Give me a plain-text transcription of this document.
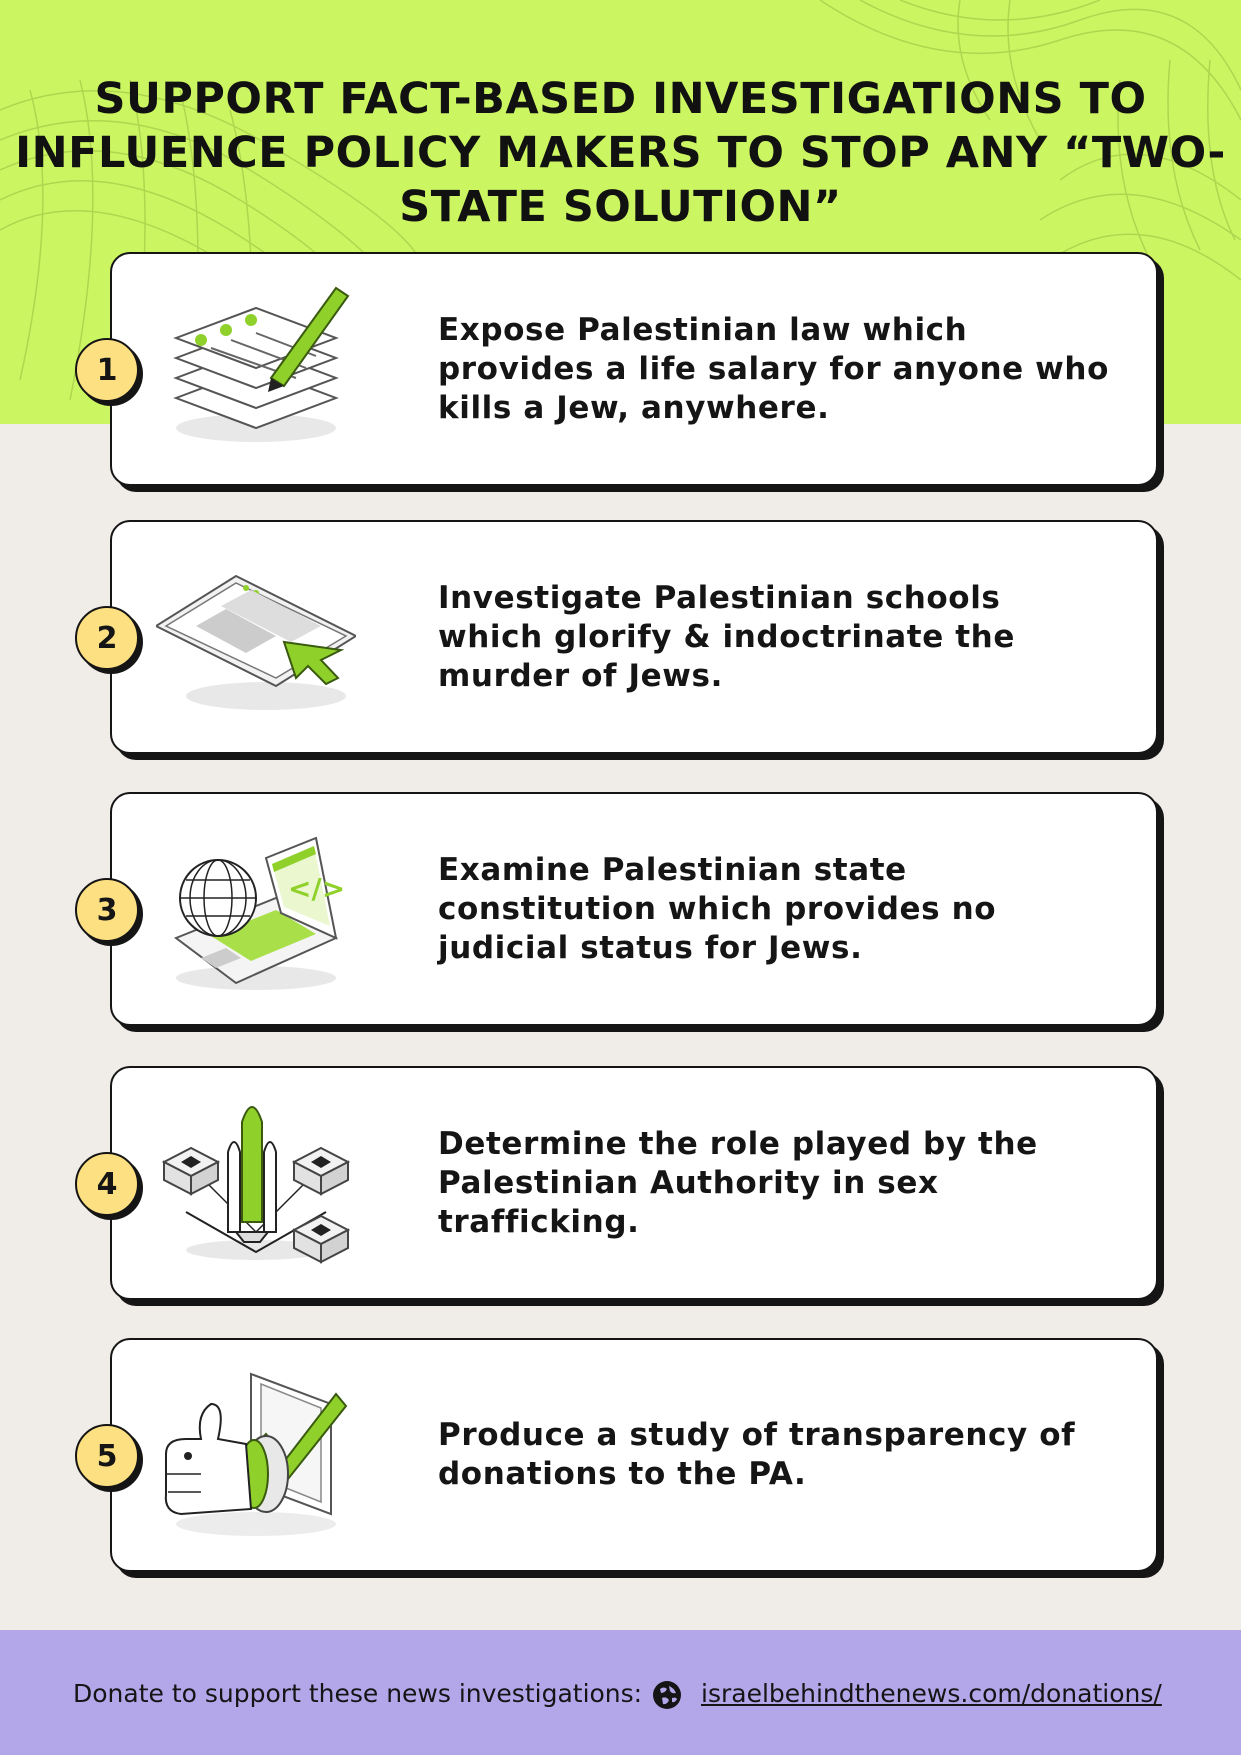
SUPPORT FACT-BASED INVESTIGATIONS TO INFLUENCE POLICY MAKERS TO STOP ANY “TWO-STATE SOLUTION”
Expose Palestinian law which provides a life salary for anyone who kills a Jew, anywhere.
1
Investigate Palestinian schools which glorify & indoctrinate the murder of Jews.
2
</>
Examine Palestinian state constitution which provides no judicial status for Jews.
3
Determine the role played by the Palestinian Authority in sex trafficking.
4
Produce a study of transparency of donations to the PA.
5
Donate to support these news investigations: israelbehindthenews.com/donations/
